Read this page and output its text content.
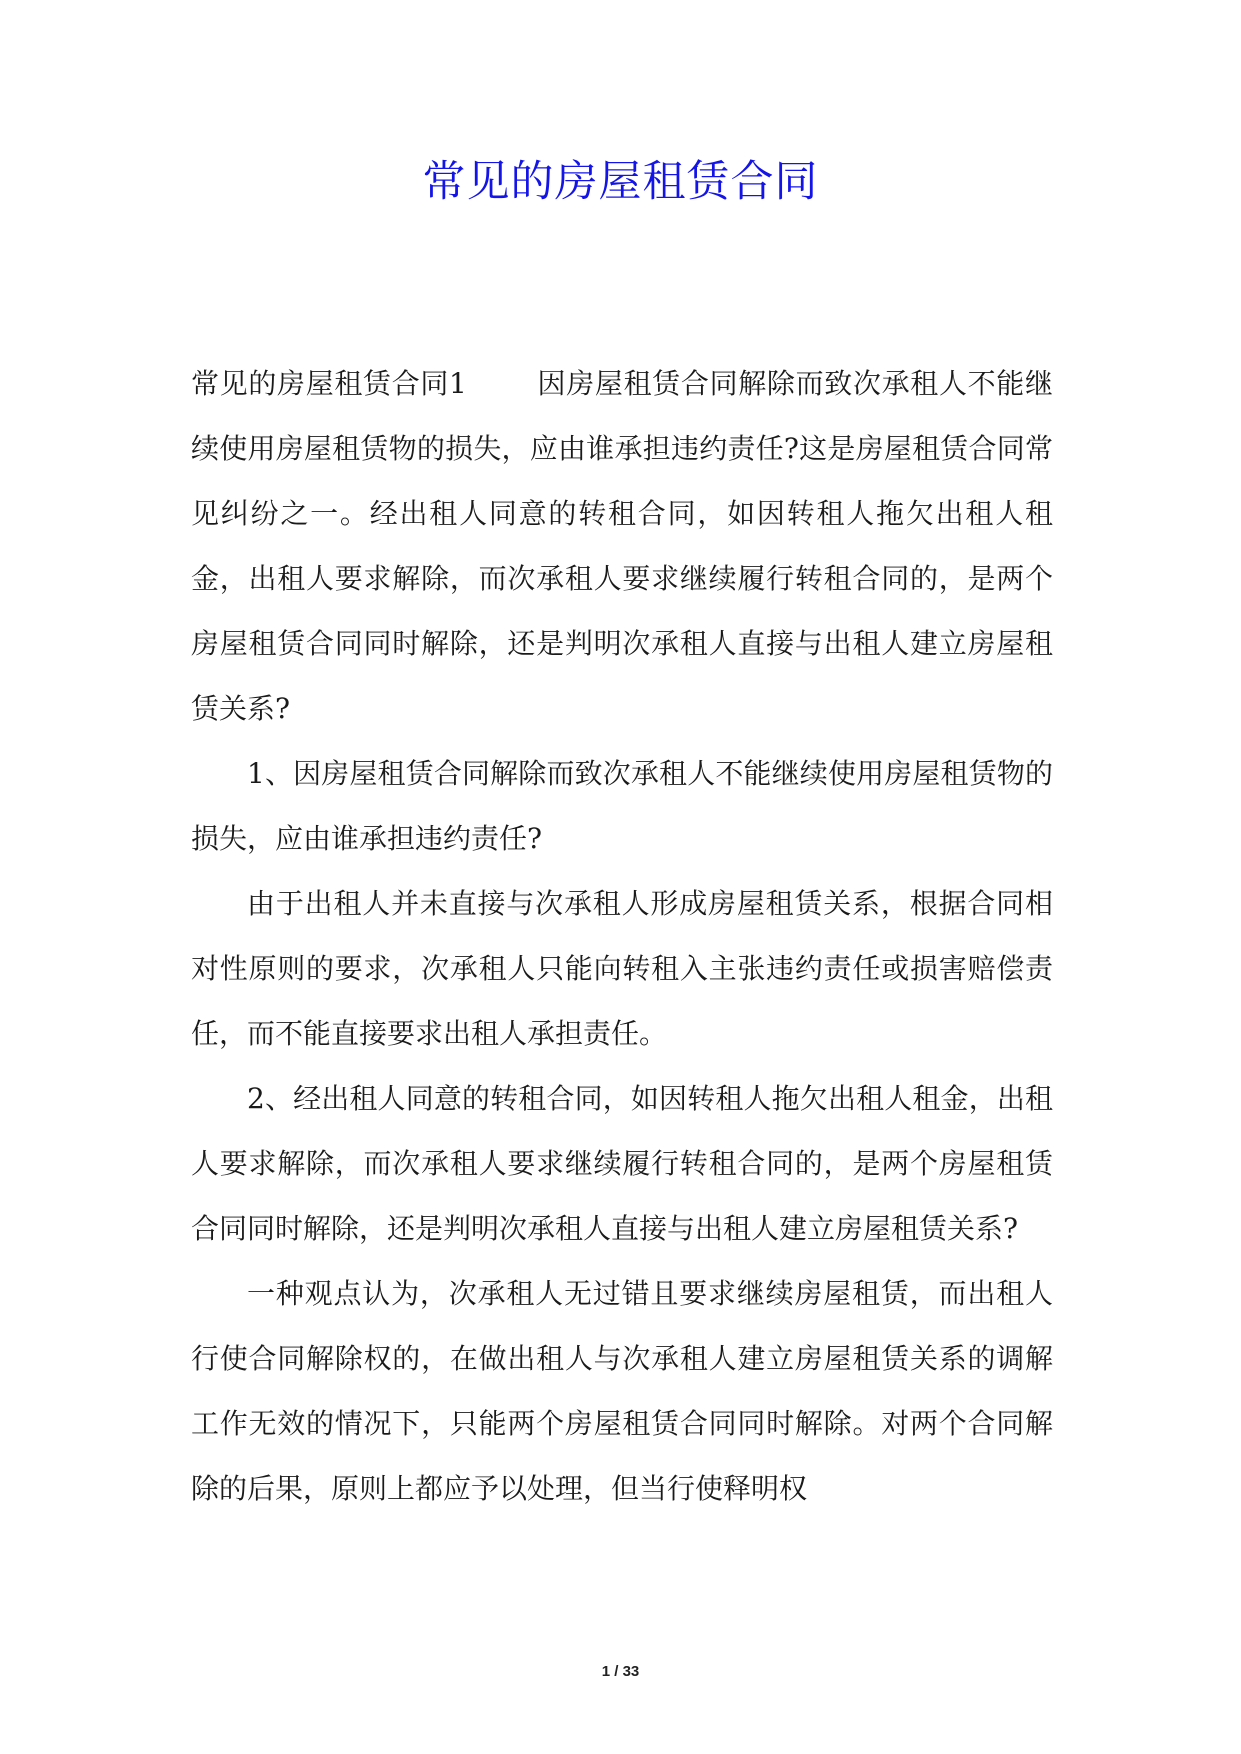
常见的房屋租赁合同

常见的房屋租赁合同1	因房屋租赁合同解除而致次承租人不能继续使用房屋租赁物的损失，应由谁承担违约责任?这是房屋租赁合同常见纠纷之一。经出租人同意的转租合同，如因转租人拖欠出租人租金，出租人要求解除，而次承租人要求继续履行转租合同的，是两个房屋租赁合同同时解除，还是判明次承租人直接与出租人建立房屋租赁关系?

1、因房屋租赁合同解除而致次承租人不能继续使用房屋租赁物的损失，应由谁承担违约责任?

由于出租人并未直接与次承租人形成房屋租赁关系，根据合同相对性原则的要求，次承租人只能向转租入主张违约责任或损害赔偿责任，而不能直接要求出租人承担责任。

2、经出租人同意的转租合同，如因转租人拖欠出租人租金，出租人要求解除，而次承租人要求继续履行转租合同的，是两个房屋租赁合同同时解除，还是判明次承租人直接与出租人建立房屋租赁关系?

一种观点认为，次承租人无过错且要求继续房屋租赁，而出租人行使合同解除权的，在做出租人与次承租人建立房屋租赁关系的调解工作无效的情况下，只能两个房屋租赁合同同时解除。对两个合同解除的后果，原则上都应予以处理，但当行使释明权

1 / 33
